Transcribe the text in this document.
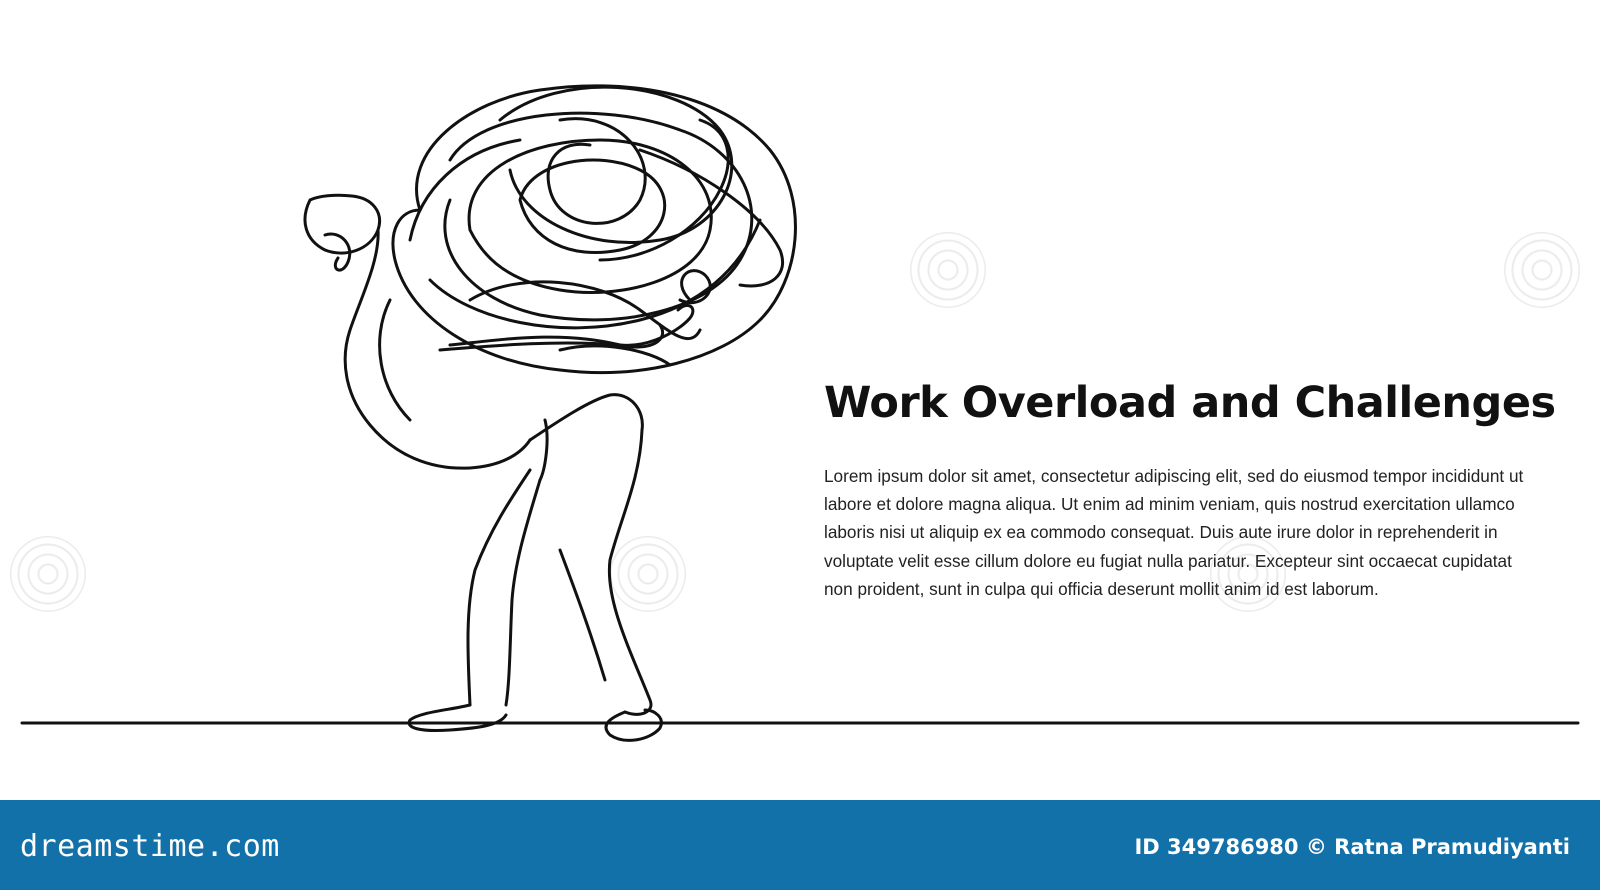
Work Overload and Challenges
Lorem ipsum dolor sit amet, consectetur adipiscing elit, sed do eiusmod tempor incididunt ut labore et dolore magna aliqua. Ut enim ad minim veniam, quis nostrud exercitation ullamco laboris nisi ut aliquip ex ea commodo consequat. Duis aute irure dolor in reprehenderit in voluptate velit esse cillum dolore eu fugiat nulla pariatur. Excepteur sint occaecat cupidatat non proident, sunt in culpa qui officia deserunt mollit anim id est laborum.
dreamstime.com	ID 349786980 © Ratna Pramudiyanti
